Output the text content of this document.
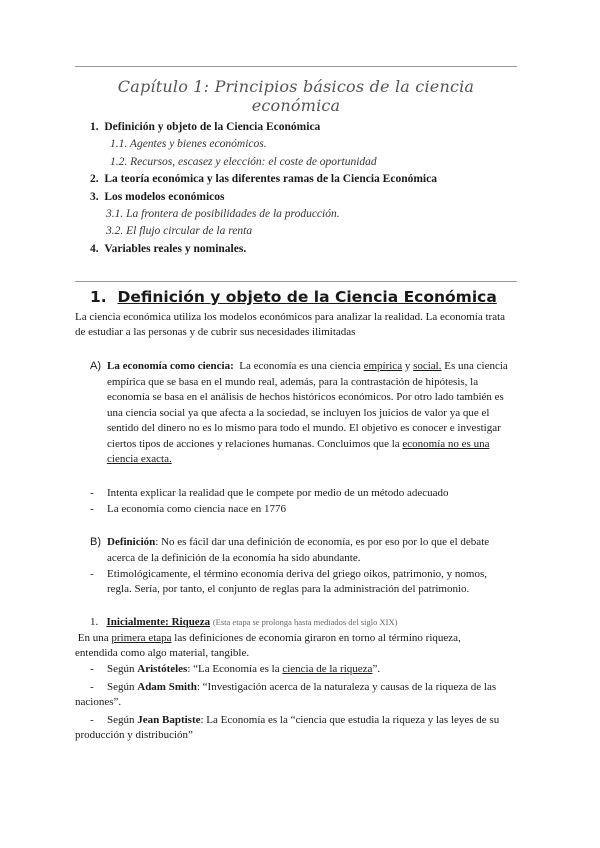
Capítulo 1: Principios básicos de la ciencia económica
1. Definición y objeto de la Ciencia Económica
1.1. Agentes y bienes económicos.
1.2. Recursos, escasez y elección: el coste de oportunidad
2. La teoría económica y las diferentes ramas de la Ciencia Económica
3. Los modelos económicos
3.1. La frontera de posibilidades de la producción.
3.2. El flujo circular de la renta
4. Variables reales y nominales.
1. Definición y objeto de la Ciencia Económica
La ciencia económica utiliza los modelos económicos para analizar la realidad. La economía trata
de estudiar a las personas y de cubrir sus necesidades ilimitadas
A) La economía como ciencia: La economía es una ciencia empírica y social. Es una ciencia
empírica que se basa en el mundo real, además, para la contrastación de hipótesis, la
economía se basa en el análisis de hechos históricos económicos. Por otro lado también es
una ciencia social ya que afecta a la sociedad, se incluyen los juicios de valor ya que el
sentido del dinero no es lo mismo para todo el mundo. El objetivo es conocer e investigar
ciertos tipos de acciones y relaciones humanas. Concluimos que la economía no es una
ciencia exacta.
- Intenta explicar la realidad que le compete por medio de un método adecuado
- La economía como ciencia nace en 1776
B) Definición: No es fácil dar una definición de economía, es por eso por lo que el debate
acerca de la definición de la economía ha sido abundante.
- Etimológicamente, el término economía deriva del griego oikos, patrimonio, y nomos,
regla. Sería, por tanto, el conjunto de reglas para la administración del patrimonio.
1. Inicialmente: Riqueza (Esta etapa se prolonga hasta mediados del siglo XIX)
En una primera etapa las definiciones de economía giraron en torno al término riqueza,
entendida como algo material, tangible.
- Según Aristóteles: “La Economía es la ciencia de la riqueza”.
- Según Adam Smith: “Investigación acerca de la naturaleza y causas de la riqueza de las
naciones”.
- Según Jean Baptiste: La Economía es la “ciencia que estudia la riqueza y las leyes de su
producción y distribución”
